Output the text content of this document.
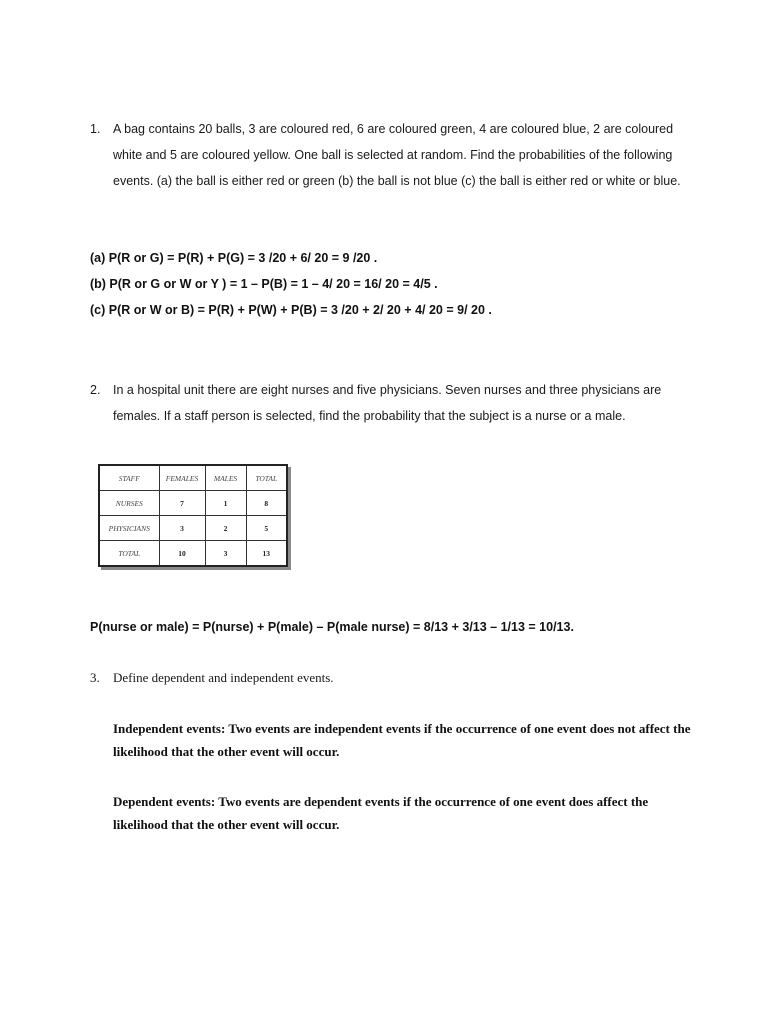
1. A bag contains 20 balls, 3 are coloured red, 6 are coloured green, 4 are coloured blue, 2 are coloured white and 5 are coloured yellow. One ball is selected at random. Find the probabilities of the following events. (a) the ball is either red or green (b) the ball is not blue (c) the ball is either red or white or blue.
(a) P(R or G) = P(R) + P(G) = 3 /20 + 6/ 20 = 9 /20 .
(b) P(R or G or W or Y ) = 1 – P(B) = 1 – 4/ 20 = 16/ 20 = 4/5 .
(c) P(R or W or B) = P(R) + P(W) + P(B) = 3 /20 + 2/ 20 + 4/ 20 = 9/ 20 .
2. In a hospital unit there are eight nurses and five physicians. Seven nurses and three physicians are females. If a staff person is selected, find the probability that the subject is a nurse or a male.
STAFF	FEMALES	MALES	TOTAL
NURSES	7	1	8
PHYSICIANS	3	2	5
TOTAL	10	3	13
P(nurse or male) = P(nurse) + P(male) – P(male nurse) = 8/13 + 3/13 – 1/13 = 10/13.
3. Define dependent and independent events.
Independent events: Two events are independent events if the occurrence of one event does not affect the likelihood that the other event will occur.
Dependent events: Two events are dependent events if the occurrence of one event does affect the likelihood that the other event will occur.
